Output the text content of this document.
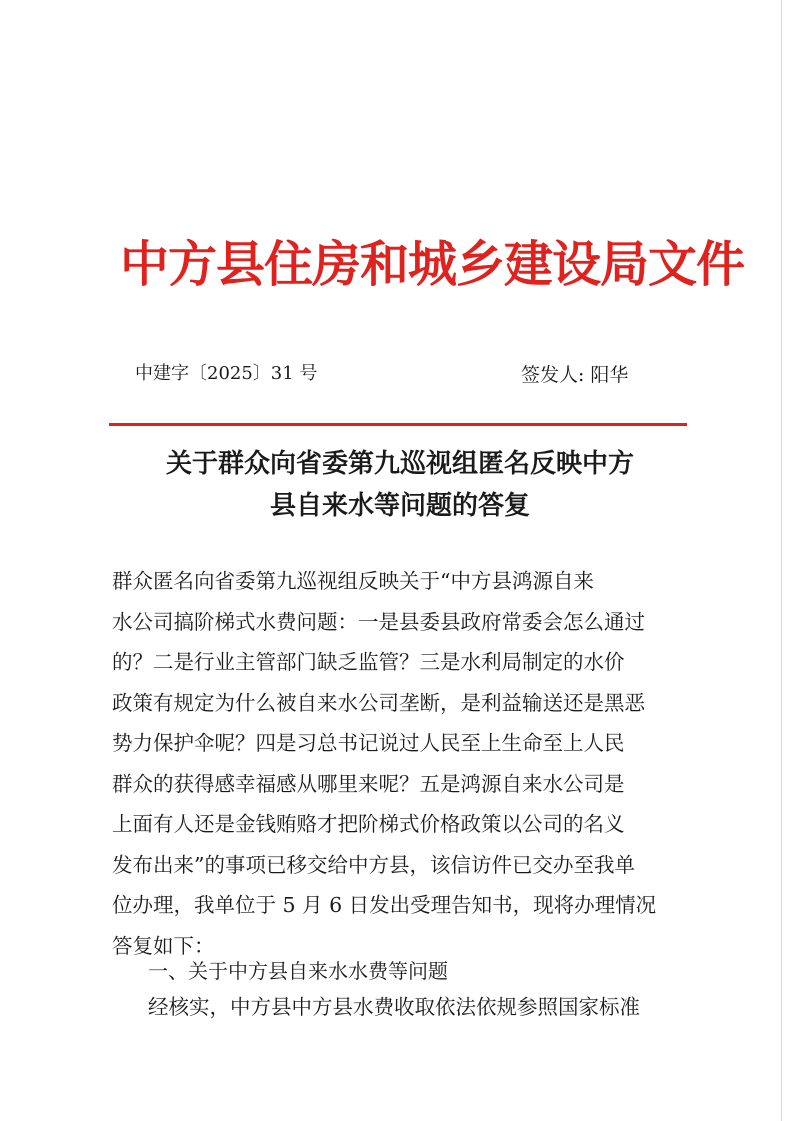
中方县住房和城乡建设局文件
中建字〔2025〕31 号	签发人: 阳华
关于群众向省委第九巡视组匿名反映中方
县自来水等问题的答复
群众匿名向省委第九巡视组反映关于“中方县鸿源自来
水公司搞阶梯式水费问题：一是县委县政府常委会怎么通过
的？二是行业主管部门缺乏监管？三是水利局制定的水价
政策有规定为什么被自来水公司垄断，是利益输送还是黑恶
势力保护伞呢？四是习总书记说过人民至上生命至上人民
群众的获得感幸福感从哪里来呢？五是鸿源自来水公司是
上面有人还是金钱贿赂才把阶梯式价格政策以公司的名义
发布出来”的事项已移交给中方县，该信访件已交办至我单
位办理，我单位于 5 月 6 日发出受理告知书，现将办理情况
答复如下：
一、关于中方县自来水水费等问题
经核实，中方县中方县水费收取依法依规参照国家标准
